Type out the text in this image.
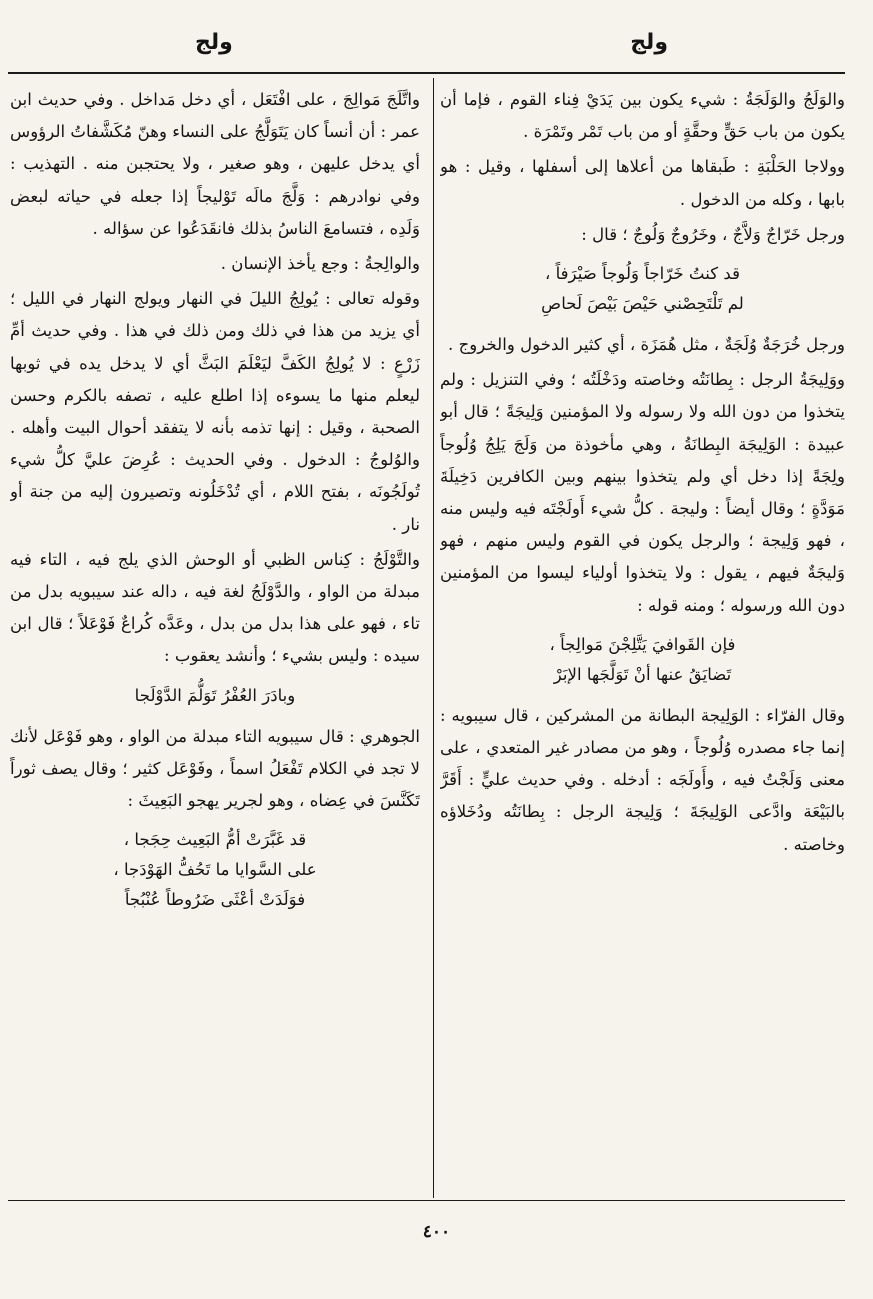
ولج
ولج

والوَلَجُ والوَلَجَةُ : شيء يكون بين يَدَيْ فِناء القوم ، فإما أن يكون من باب حَقٍّ وحقَّةٍ أو من باب تَمْر وتَمْرَة .

وولاجا الحَلْبَةِ : طَبقاها من أعلاها إلى أسفلها ، وقيل : هو بابها ، وكله من الدخول .

ورجل خَرّاجٌ وَلاَّجٌ ، وخَرُوجٌ وَلُوجٌ ؛ قال :

قد كنتُ خَرّاجاً وَلُوجاً صَيْرَفاً ،
لم تَلْتَحِصْني حَيْصَ بَيْصَ لَحاصِ

ورجل خُرَجَةٌ وُلَجَةٌ ، مثل هُمَزَة ، أي كثير الدخول والخروج .

ووَلِيجَةُ الرجل : بِطانَتُه وخاصته ودَخْلَتُه ؛ وفي التنزيل : ولم يتخذوا من دون الله ولا رسوله ولا المؤمنين وَلِيجَةً ؛ قال أبو عبيدة : الوَلِيجَة البِطانَةُ ، وهي مأخوذة من وَلَجَ يَلِجُ وُلُوجاً ولِجَةً إذا دخل أي ولم يتخذوا بينهم وبين الكافرين دَخِيلَةَ مَوَدَّةٍ ؛ وقال أيضاً : وليجة . كلُّ شيء أَولَجْتَه فيه وليس منه ، فهو وَلِيجة ؛ والرجل يكون في القوم وليس منهم ، فهو وَليجَةٌ فيهم ، يقول : ولا يتخذوا أولياء ليسوا من المؤمنين دون الله ورسوله ؛ ومنه قوله :

فإن القَوافيَ يَتَّلِجْنَ مَوالِجاً ،
تَضايَقُ عنها أنْ تَوَلَّجَها الإبَرْ

وقال الفرّاء : الوَلِيجة البطانة من المشركين ، قال سيبويه : إنما جاء مصدره وُلُوجاً ، وهو من مصادر غير المتعدي ، على معنى وَلَجْتُ فيه ، وأَولَجَه : أدخله . وفي حديث عليٍّ : أَقَرَّ بالبَيْعَة وادَّعى الوَلِيجَةَ ؛ وَلِيجة الرجل : بِطانَتُه ودُخَلاؤه وخاصته .

واتَّلَجَ مَوالِجَ ، على افْتَعَل ، أي دخل مَداخل . وفي حديث ابن عمر : أن أنساً كان يَتَوَلَّجُ على النساء وهنّ مُكَشَّفاتُ الرؤوس أي يدخل عليهن ، وهو صغير ، ولا يحتجبن منه . التهذيب : وفي نوادرهم : وَلَّجَ مالَه تَوْليجاً إذا جعله في حياته لبعض وَلَدِه ، فتسامعَ الناسُ بذلك فانقَدَعُوا عن سؤاله .

والوالِجةُ : وجع يأخذ الإنسان .

وقوله تعالى : يُولِجُ الليلَ في النهار ويولج النهار في الليل ؛ أي يزيد من هذا في ذلك ومن ذلك في هذا . وفي حديث أمِّ زَرْعٍ : لا يُولِجُ الكَفَّ ليَعْلَمَ البَثَّ أي لا يدخل يده في ثوبها ليعلم منها ما يسوءه إذا اطلع عليه ، تصفه بالكرم وحسن الصحبة ، وقيل : إنها تذمه بأنه لا يتفقد أحوال البيت وأهله . والوُلوجُ : الدخول . وفي الحديث : عُرِضَ عليَّ كلُّ شيء تُولَجُونَه ، بفتح اللام ، أي تُدْخَلُونه وتصيرون إليه من جنة أو نار .

والتَّوْلَجُ : كِناس الظبي أو الوحش الذي يلج فيه ، التاء فيه مبدلة من الواو ، والدَّوْلَجُ لغة فيه ، داله عند سيبويه بدل من تاء ، فهو على هذا بدل من بدل ، وعَدَّه كُراعٌ فَوْعَلاً ؛ قال ابن سيده : وليس بشيء ؛ وأنشد يعقوب :

وبادَرَ العُفْرُ تَوَلُّمَ الدَّوْلَجا

الجوهري : قال سيبويه التاء مبدلة من الواو ، وهو فَوْعَل لأنك لا تجد في الكلام تَفْعَلُ اسماً ، وفَوْعَل كثير ؛ وقال يصف ثوراً تَكَنَّسَ في عِضاه ، وهو لجرير يهجو البَعِيثَ :

قد غَبَّرَتْ أمُّ البَعِيث حِجَجا ،
على السَّوايا ما تَحُفُّ الهَوْدَجا ،
فوَلَدَتْ أعْثَى ضَرُوطاً عُنْبُجاً

٤٠٠
